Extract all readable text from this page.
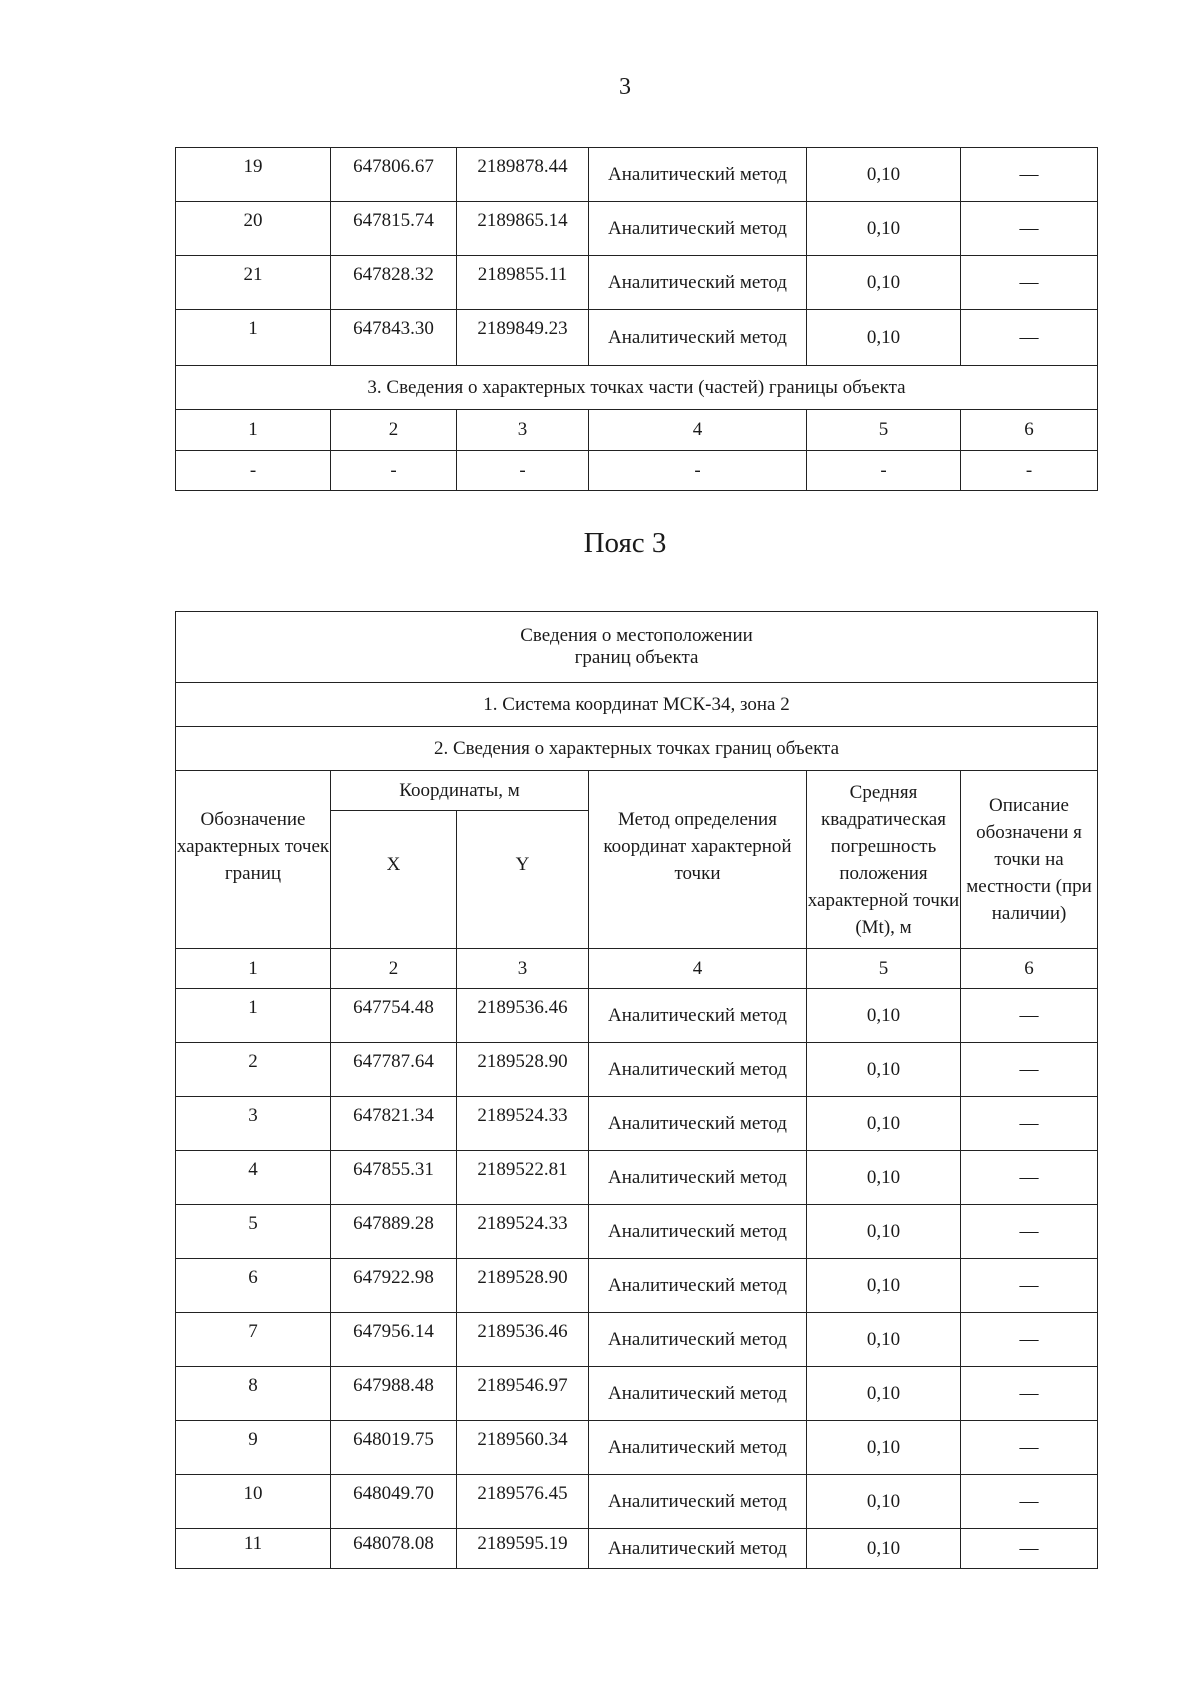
3
19	647806.67	2189878.44	Аналитический метод	0,10	—
20	647815.74	2189865.14	Аналитический метод	0,10	—
21	647828.32	2189855.11	Аналитический метод	0,10	—
1	647843.30	2189849.23	Аналитический метод	0,10	—
3. Сведения о характерных точках части (частей) границы объекта					
1	2	3	4	5	6
-	-	-	-	-	-
Пояс 3
Сведения о местоположении
границ объекта					

1. Система координат МСК-34, зона 2					
2. Сведения о характерных точках границ объекта					
Обозначение характерных точек границ	Координаты, м		Метод определения координат характерной точки	Средняя квадратическая погрешность положения характерной точки (Mt), м	Описание обозначени я точки на местности (при наличии)
	X	Y			
1	2	3	4	5	6
1	647754.48	2189536.46	Аналитический метод	0,10	—
2	647787.64	2189528.90	Аналитический метод	0,10	—
3	647821.34	2189524.33	Аналитический метод	0,10	—
4	647855.31	2189522.81	Аналитический метод	0,10	—
5	647889.28	2189524.33	Аналитический метод	0,10	—
6	647922.98	2189528.90	Аналитический метод	0,10	—
7	647956.14	2189536.46	Аналитический метод	0,10	—
8	647988.48	2189546.97	Аналитический метод	0,10	—
9	648019.75	2189560.34	Аналитический метод	0,10	—
10	648049.70	2189576.45	Аналитический метод	0,10	—
11	648078.08	2189595.19	Аналитический метод	0,10	—
